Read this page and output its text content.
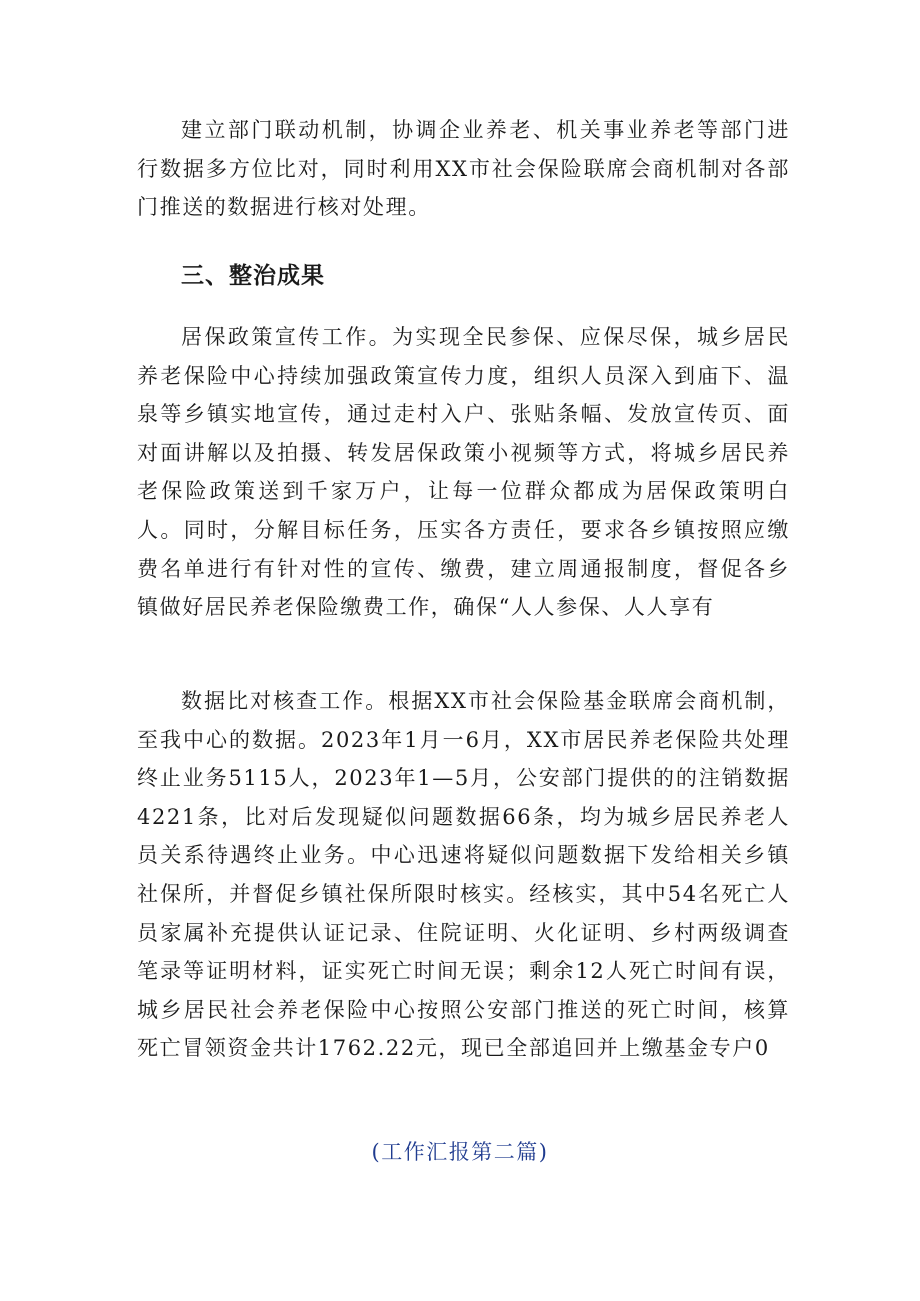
建立部门联动机制，协调企业养老、机关事业养老等部门进行数据多方位比对，同时利用XX市社会保险联席会商机制对各部门推送的数据进行核对处理。

三、整治成果

居保政策宣传工作。为实现全民参保、应保尽保，城乡居民养老保险中心持续加强政策宣传力度，组织人员深入到庙下、温泉等乡镇实地宣传，通过走村入户、张贴条幅、发放宣传页、面对面讲解以及拍摄、转发居保政策小视频等方式，将城乡居民养老保险政策送到千家万户，让每一位群众都成为居保政策明白人。同时，分解目标任务，压实各方责任，要求各乡镇按照应缴费名单进行有针对性的宣传、缴费，建立周通报制度，督促各乡镇做好居民养老保险缴费工作，确保“人人参保、人人享有

数据比对核查工作。根据XX市社会保险基金联席会商机制，至我中心的数据。2023年1月一6月，XX市居民养老保险共处理终止业务5115人，2023年1—5月，公安部门提供的的注销数据4221条，比对后发现疑似问题数据66条，均为城乡居民养老人员关系待遇终止业务。中心迅速将疑似问题数据下发给相关乡镇社保所，并督促乡镇社保所限时核实。经核实，其中54名死亡人员家属补充提供认证记录、住院证明、火化证明、乡村两级调查笔录等证明材料，证实死亡时间无误；剩余12人死亡时间有误，城乡居民社会养老保险中心按照公安部门推送的死亡时间，核算死亡冒领资金共计1762.22元，现已全部追回并上缴基金专户0

(工作汇报第二篇)
